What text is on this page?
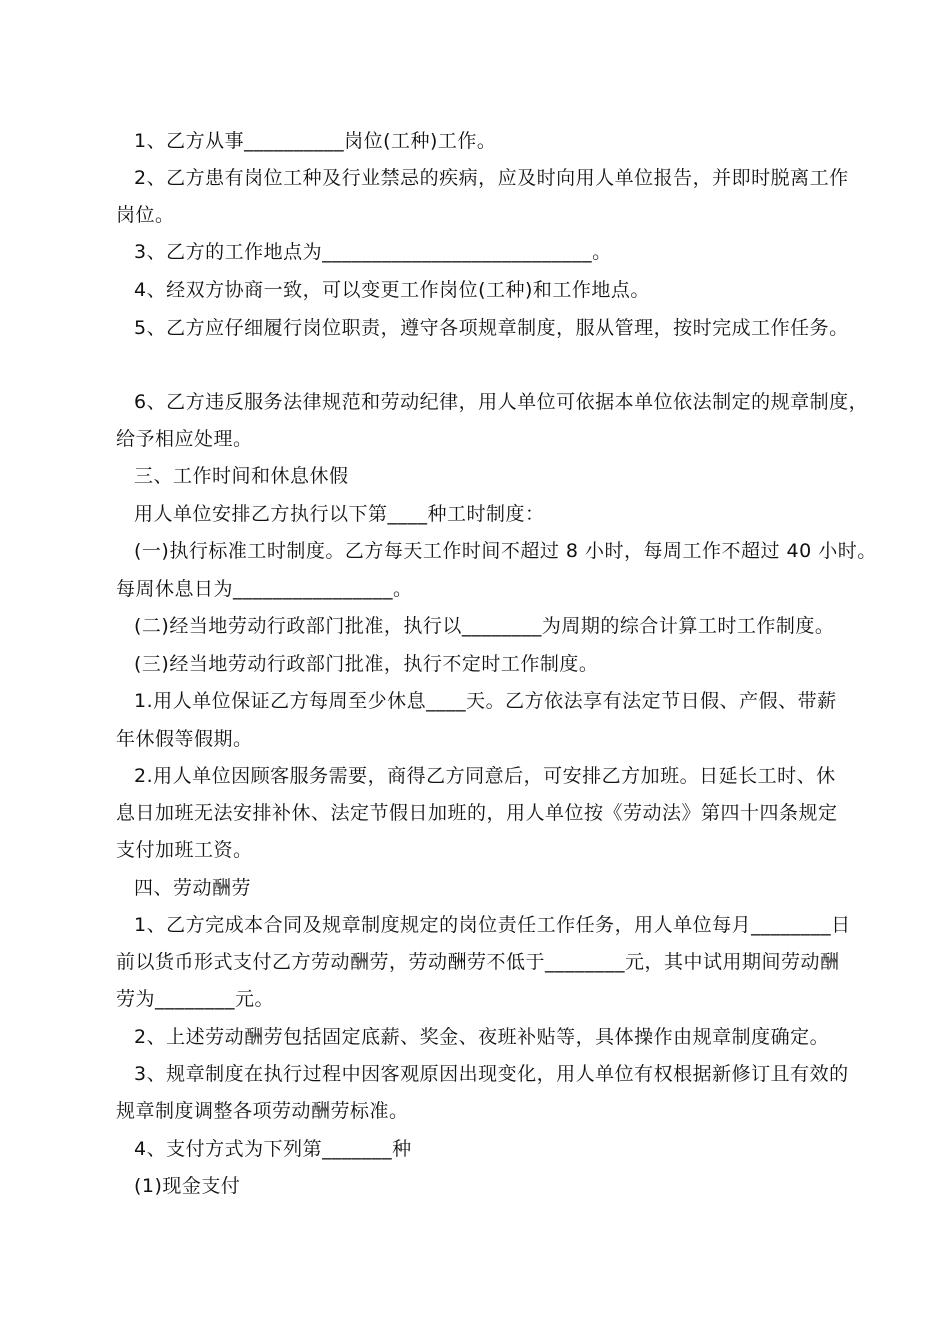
1、乙方从事__________岗位(工种)工作。
2、乙方患有岗位工种及行业禁忌的疾病，应及时向用人单位报告，并即时脱离工作
岗位。
3、乙方的工作地点为___________________________。
4、经双方协商一致，可以变更工作岗位(工种)和工作地点。
5、乙方应仔细履行岗位职责，遵守各项规章制度，服从管理，按时完成工作任务。
6、乙方违反服务法律规范和劳动纪律，用人单位可依据本单位依法制定的规章制度，
给予相应处理。
三、工作时间和休息休假
用人单位安排乙方执行以下第____种工时制度：
(一)执行标准工时制度。乙方每天工作时间不超过 8 小时，每周工作不超过 40 小时。
每周休息日为________________。
(二)经当地劳动行政部门批准，执行以________为周期的综合计算工时工作制度。
(三)经当地劳动行政部门批准，执行不定时工作制度。
1.用人单位保证乙方每周至少休息____天。乙方依法享有法定节日假、产假、带薪
年休假等假期。
2.用人单位因顾客服务需要，商得乙方同意后，可安排乙方加班。日延长工时、休
息日加班无法安排补休、法定节假日加班的，用人单位按《劳动法》第四十四条规定
支付加班工资。
四、劳动酬劳
1、乙方完成本合同及规章制度规定的岗位责任工作任务，用人单位每月________日
前以货币形式支付乙方劳动酬劳，劳动酬劳不低于________元，其中试用期间劳动酬
劳为________元。
2、上述劳动酬劳包括固定底薪、奖金、夜班补贴等，具体操作由规章制度确定。
3、规章制度在执行过程中因客观原因出现变化，用人单位有权根据新修订且有效的
规章制度调整各项劳动酬劳标准。
4、支付方式为下列第_______种
(1)现金支付
